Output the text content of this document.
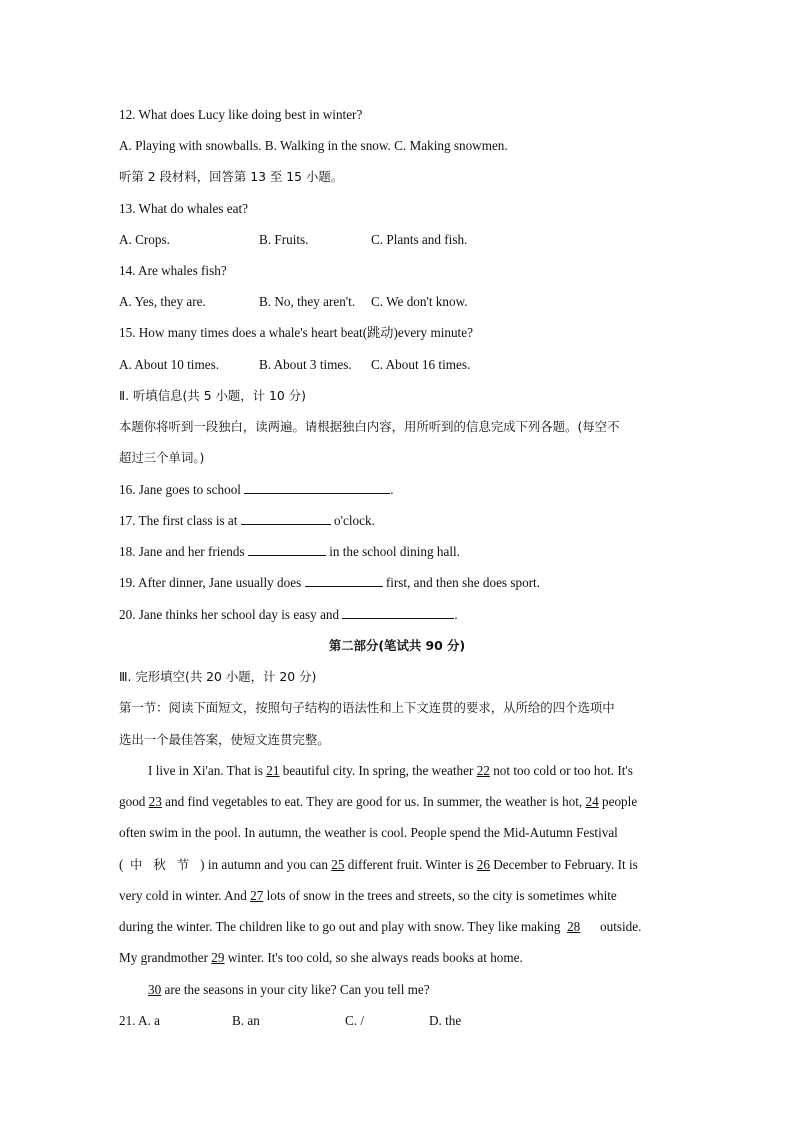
12. What does Lucy like doing best in winter?
A. Playing with snowballs. B. Walking in the snow. C. Making snowmen.
听第 2 段材料，回答第 13 至 15 小题。
13. What do whales eat?
A. Crops.	B. Fruits.	C. Plants and fish.
14. Are whales fish?
A. Yes, they are.	B. No, they aren't. C. We don't know.
15. How many times does a whale's heart beat(跳动)every minute?
A. About 10 times.	B. About 3 times. C. About 16 times.
Ⅱ. 听填信息(共 5 小题，计 10 分)
本题你将听到一段独白，读两遍。请根据独白内容，用所听到的信息完成下列各题。(每空不
超过三个单词。)
16. Jane goes to school	.
17. The first class is at	o'clock.
18. Jane and her friends	in the school dining hall.
19. After dinner, Jane usually does	first, and then she does sport.
20. Jane thinks her school day is easy and	.
第二部分(笔试共 90 分)
Ⅲ. 完形填空(共 20 小题，计 20 分)
第一节：阅读下面短文，按照句子结构的语法性和上下文连贯的要求，从所给的四个选项中
选出一个最佳答案，使短文连贯完整。
I live in Xi'an. That is 21 beautiful city. In spring, the weather 22 not too cold or too hot. It's
good 23 and find vegetables to eat. They are good for us. In summer, the weather is hot, 24 people
often swim in the pool. In autumn, the weather is cool. People spend the Mid-Autumn Festival
( 中秋节) in autumn and you can 25 different fruit. Winter is 26 December to February. It is
very cold in winter. And 27 lots of snow in the trees and streets, so the city is sometimes white
during the winter. The children like to go out and play with snow. They like making  28      outside.
My grandmother 29 winter. It's too cold, so she always reads books at home.
30 are the seasons in your city like? Can you tell me?
21. A. a	B. an	C. /	D. the
